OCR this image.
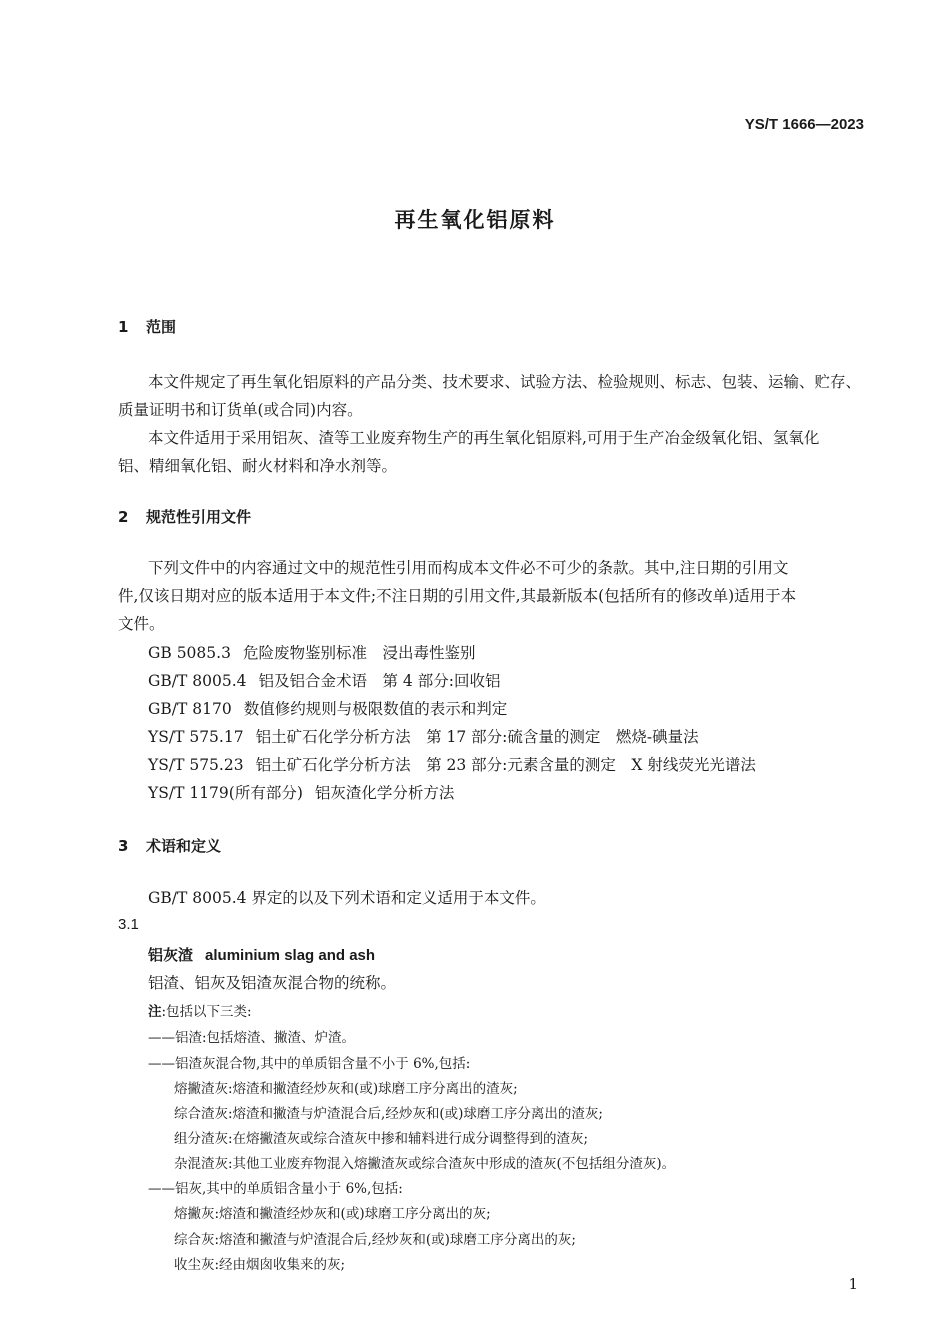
YS/T 1666—2023
再生氧化铝原料
1 范围
本文件规定了再生氧化铝原料的产品分类、技术要求、试验方法、检验规则、标志、包装、运输、贮存、
质量证明书和订货单(或合同)内容。
本文件适用于采用铝灰、渣等工业废弃物生产的再生氧化铝原料,可用于生产冶金级氧化铝、氢氧化
铝、精细氧化铝、耐火材料和净水剂等。
2 规范性引用文件
下列文件中的内容通过文中的规范性引用而构成本文件必不可少的条款。其中,注日期的引用文
件,仅该日期对应的版本适用于本文件;不注日期的引用文件,其最新版本(包括所有的修改单)适用于本
文件。
GB 5085.3 危险废物鉴别标准　浸出毒性鉴别
GB/T 8005.4 铝及铝合金术语　第 4 部分:回收铝
GB/T 8170 数值修约规则与极限数值的表示和判定
YS/T 575.17 铝土矿石化学分析方法　第 17 部分:硫含量的测定　燃烧-碘量法
YS/T 575.23 铝土矿石化学分析方法　第 23 部分:元素含量的测定　X 射线荧光光谱法
YS/T 1179(所有部分) 铝灰渣化学分析方法
3 术语和定义
GB/T 8005.4 界定的以及下列术语和定义适用于本文件。
3.1
铝灰渣 aluminium slag and ash
铝渣、铝灰及铝渣灰混合物的统称。
注:包括以下三类:
——铝渣:包括熔渣、撇渣、炉渣。
——铝渣灰混合物,其中的单质铝含量不小于 6%,包括:
熔撇渣灰:熔渣和撇渣经炒灰和(或)球磨工序分离出的渣灰;
综合渣灰:熔渣和撇渣与炉渣混合后,经炒灰和(或)球磨工序分离出的渣灰;
组分渣灰:在熔撇渣灰或综合渣灰中掺和辅料进行成分调整得到的渣灰;
杂混渣灰:其他工业废弃物混入熔撇渣灰或综合渣灰中形成的渣灰(不包括组分渣灰)。
——铝灰,其中的单质铝含量小于 6%,包括:
熔撇灰:熔渣和撇渣经炒灰和(或)球磨工序分离出的灰;
综合灰:熔渣和撇渣与炉渣混合后,经炒灰和(或)球磨工序分离出的灰;
收尘灰:经由烟囱收集来的灰;
1
